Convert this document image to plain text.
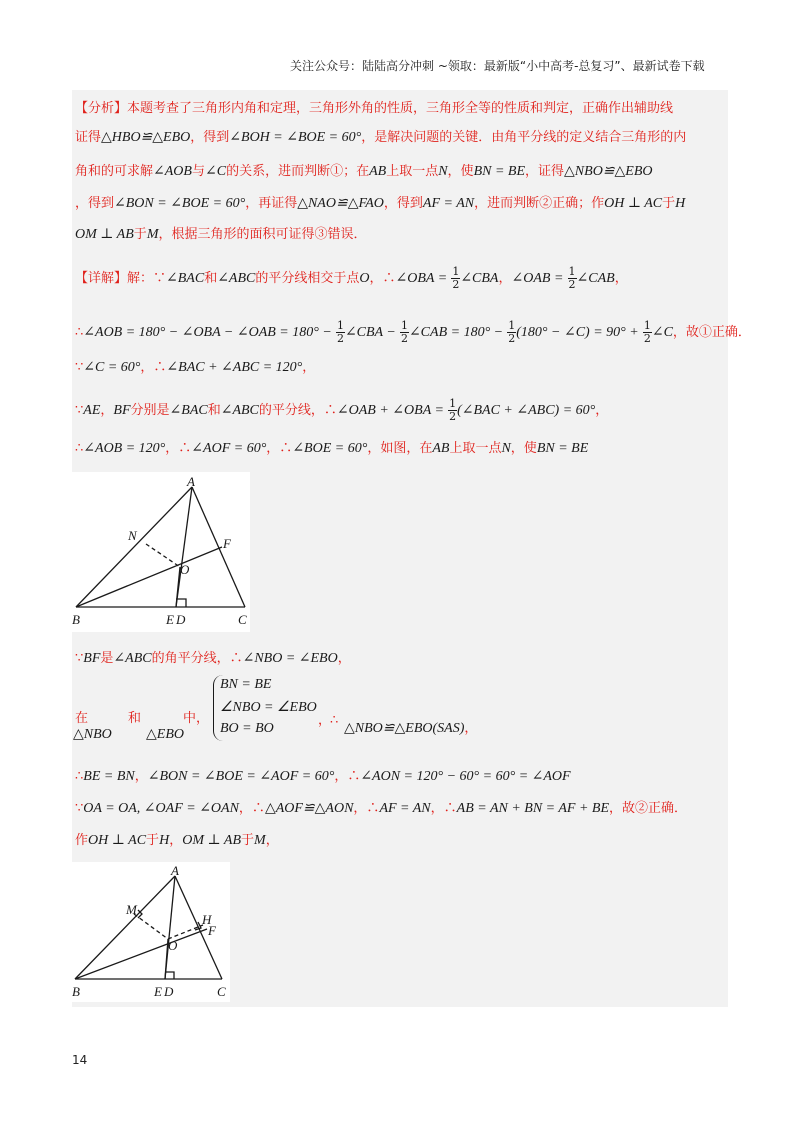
关注公众号：陆陆高分冲刺 ~领取：最新版“小中高考-总复习”、最新试卷下载
【分析】本题考查了三角形内角和定理，三角形外角的性质，三角形全等的性质和判定，正确作出辅助线
证得△HBO≌△EBO，得到∠BOH = ∠BOE = 60°，是解决问题的关键．由角平分线的定义结合三角形的内
角和的可求解∠AOB与∠C的关系，进而判断①；在AB上取一点N，使BN = BE，证得△NBO≌△EBO
，得到∠BON = ∠BOE = 60°，再证得△NAO≌△FAO，得到AF = AN，进而判断②正确；作OH ⊥ AC于H
OM ⊥ AB于M，根据三角形的面积可证得③错误．
【详解】解：∵∠BAC和∠ABC的平分线相交于点O，∴∠OBA = $\frac{1}{2}$ ∠CBA，∠OAB = $\frac{1}{2}$ ∠CAB，
∴∠AOB = 180° − ∠OBA − ∠OAB = $180^\circ - \frac{1}{2}$ ∠CBA − $\frac{1}{2}$ ∠CAB = $180^\circ - \frac{1}{2} (180^\circ$ − ∠C) = $90^\circ + \frac{1}{2}$ ∠C，故①正确．
∵∠C = 60°，∴∠BAC + ∠ABC = 120°，
∵AE，BF分别是∠BAC和∠ABC的平分线，∴∠OAB + ∠OBA = $\frac{1}{2}$ (∠BAC + ∠ABC) = 60°，
∴∠AOB = 120°，∴∠AOF = 60°，∴∠BOE = 60°，如图，在AB上取一点N，使BN = BE
A
B	C
N
F
O
E D
∵BF是∠ABC的角平分线，∴∠NBO = ∠EBO，
BN = BE
∠NBO = ∠EBO
BO = BO
在
△NBO
和
△EBO
中，	，
∴
△NBO≌△EBO(SAS)，
∴BE = BN，∠BON = ∠BOE = ∠AOF = 60°，∴∠AON = 120° − 60° = 60° = ∠AOF
∵OA = OA, ∠OAF = ∠OAN，∴△AOF≌△AON，∴AF = AN，∴AB = AN + BN = AF + BE，故②正确．
作OH ⊥ AC于H，OM ⊥ AB于M，
A
B	C
M
H
F
O
E D
14
